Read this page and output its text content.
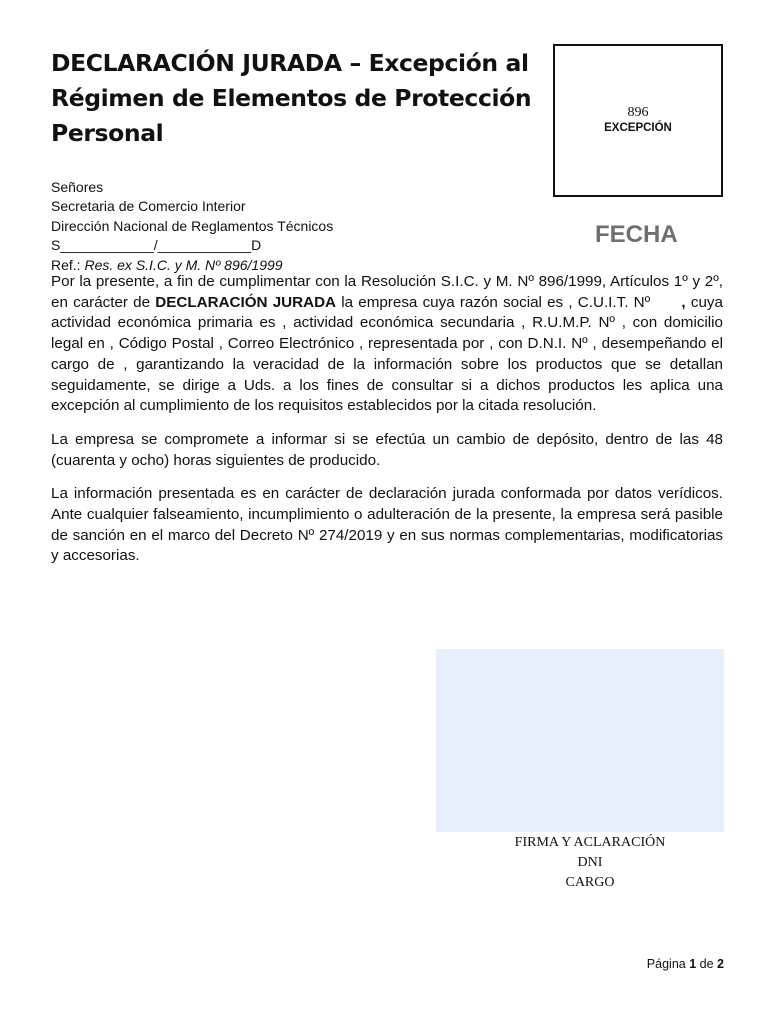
DECLARACIÓN JURADA – Excepción al Régimen de Elementos de Protección Personal
896
EXCEPCIÓN
FECHA
Señores
Secretaria de Comercio Interior
Dirección Nacional de Reglamentos Técnicos
S____________/____________D
Ref.: Res. ex S.I.C. y M. Nº 896/1999

Por la presente, a fin de cumplimentar con la Resolución S.I.C. y M. Nº 896/1999, Artículos 1º y 2º, en carácter de DECLARACIÓN JURADA la empresa cuya razón social es , C.U.I.T. Nº , cuya actividad económica primaria es , actividad económica secundaria , R.U.M.P. Nº , con domicilio legal en , Código Postal , Correo Electrónico , representada por , con D.N.I. Nº , desempeñando el cargo de , garantizando la veracidad de la información sobre los productos que se detallan seguidamente, se dirige a Uds. a los fines de consultar si a dichos productos les aplica una excepción al cumplimiento de los requisitos establecidos por la citada resolución.

La empresa se compromete a informar si se efectúa un cambio de depósito, dentro de las 48 (cuarenta y ocho) horas siguientes de producido.

La información presentada es en carácter de declaración jurada conformada por datos verídicos. Ante cualquier falseamiento, incumplimiento o adulteración de la presente, la empresa será pasible de sanción en el marco del Decreto Nº 274/2019 y en sus normas complementarias, modificatorias y accesorias.

FIRMA Y ACLARACIÓN
DNI
CARGO
Página 1 de 2
